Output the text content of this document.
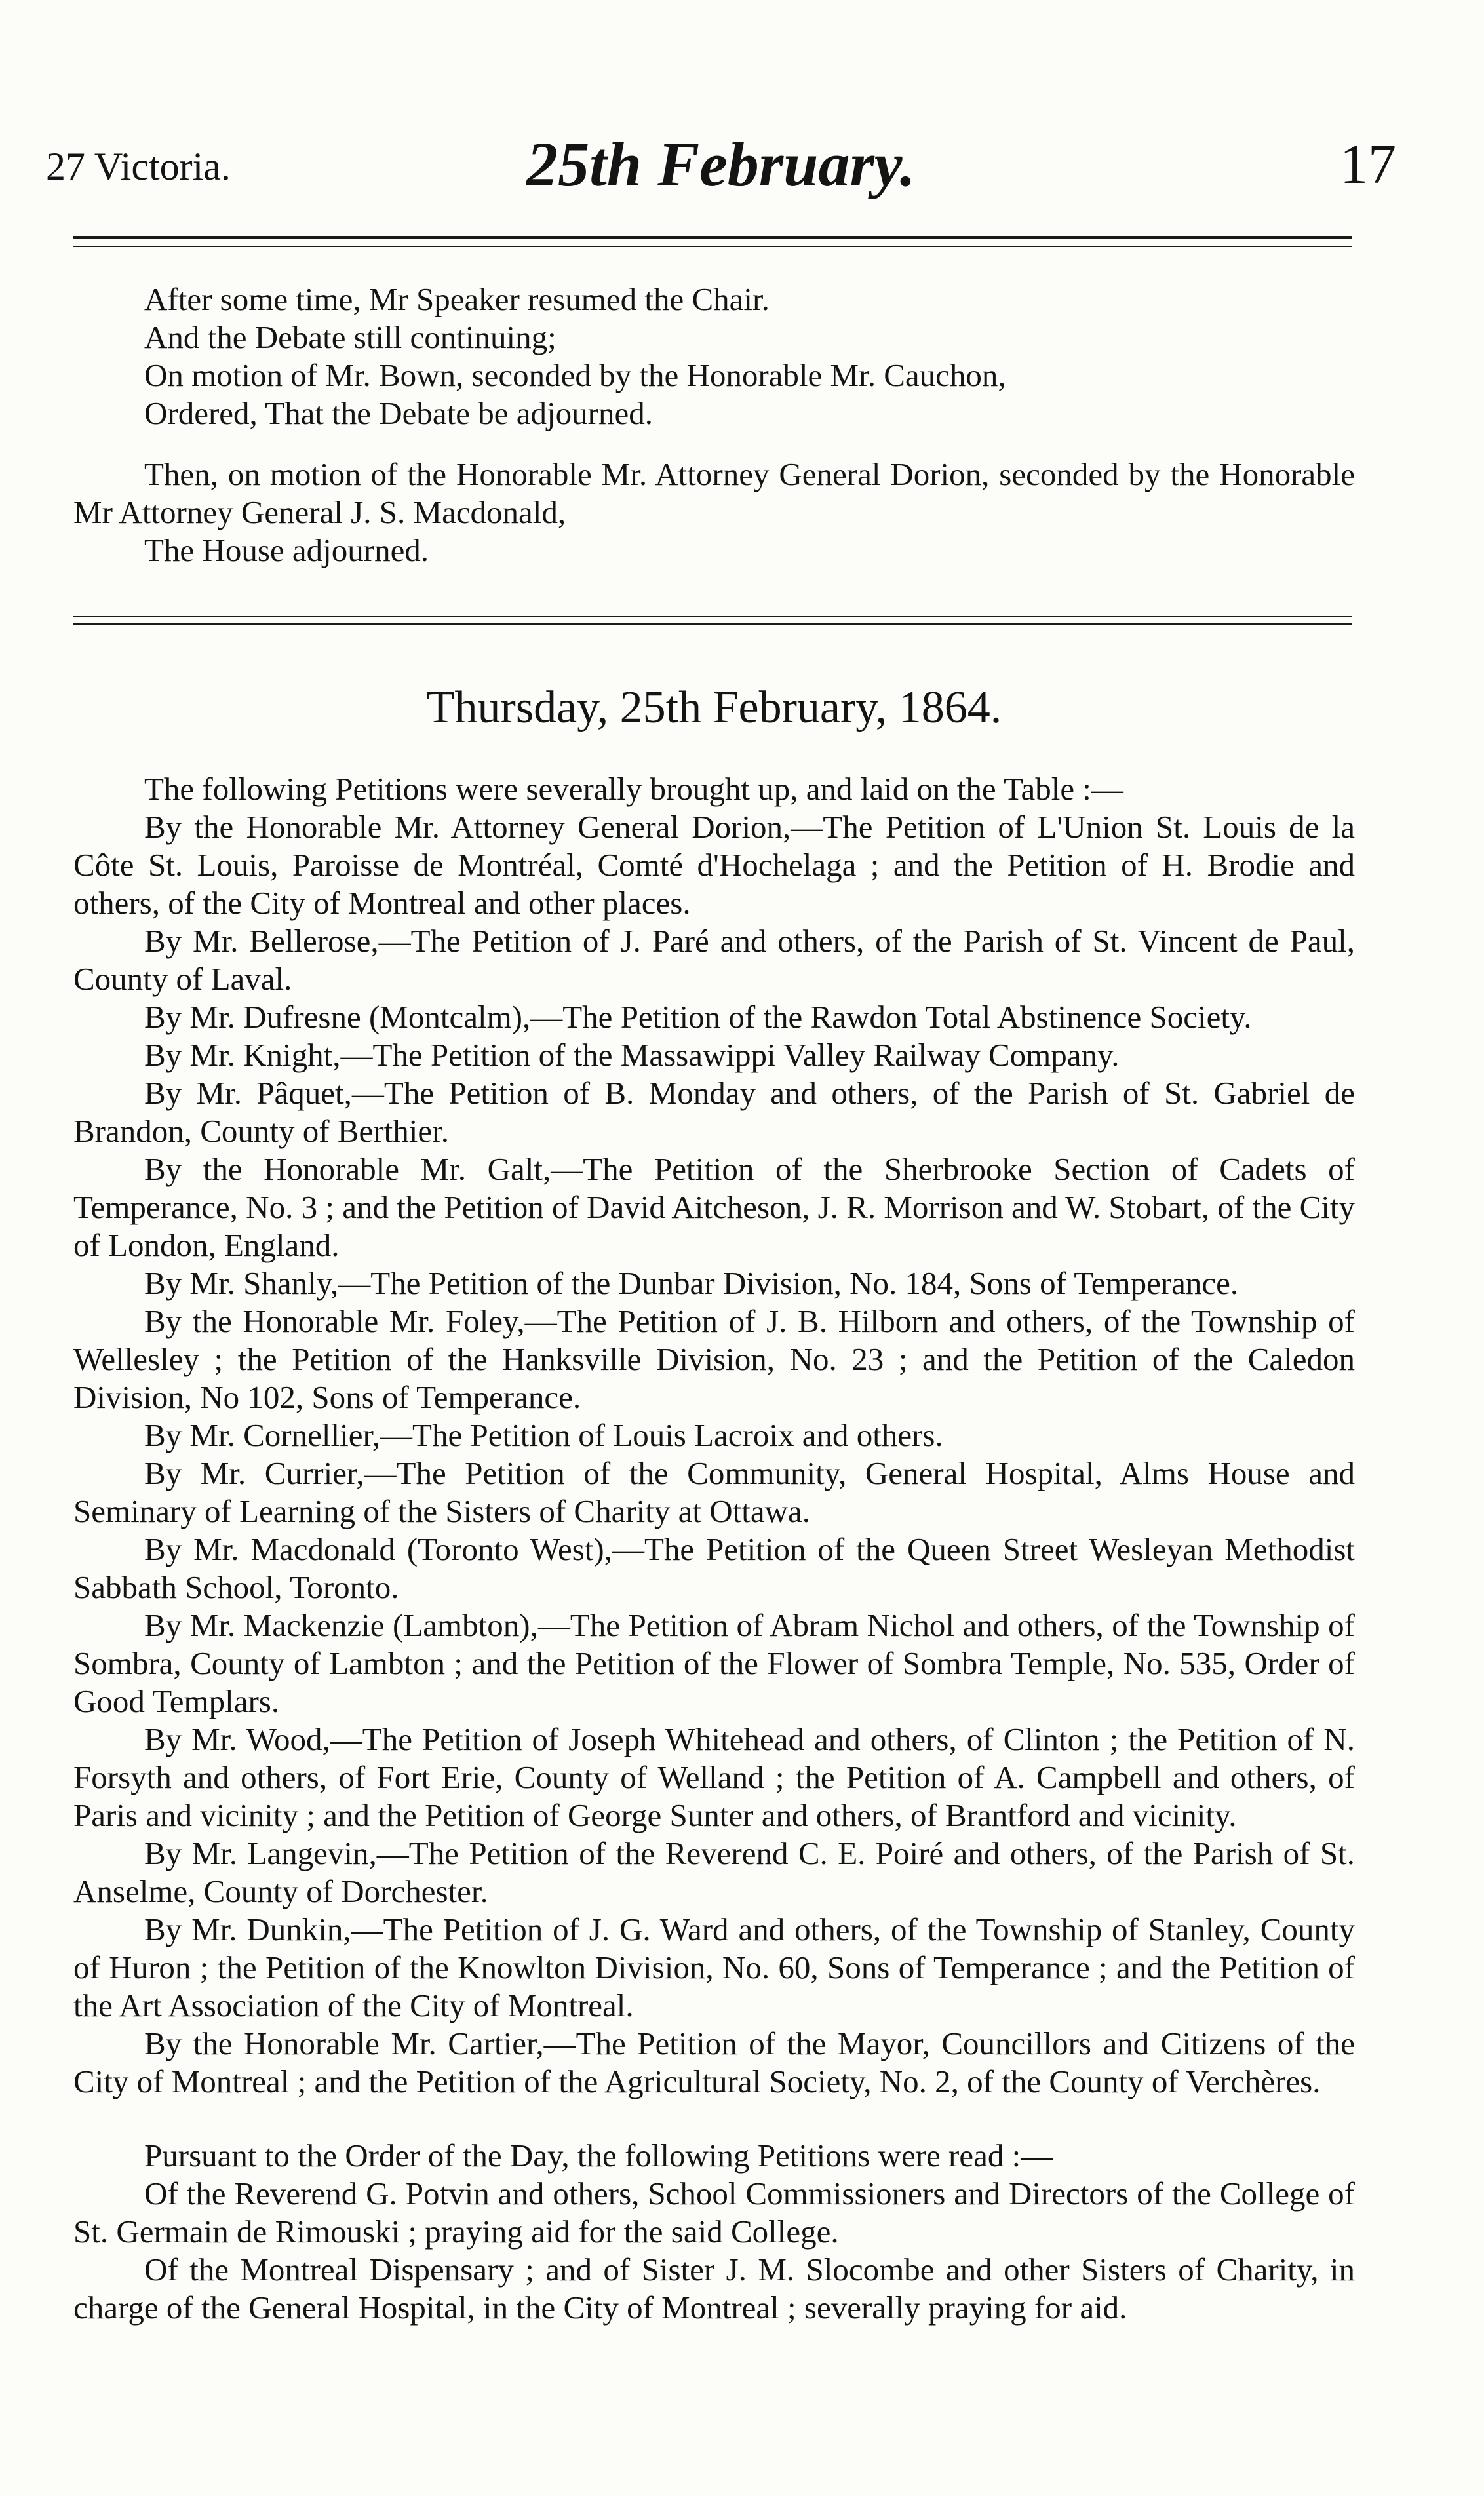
27 Victoria.	25th February.	17

After some time, Mr Speaker resumed the Chair.

And the Debate still continuing;

On motion of Mr. Bown, seconded by the Honorable Mr. Cauchon,

Ordered, That the Debate be adjourned.

Then, on motion of the Honorable Mr. Attorney General Dorion, seconded by the Honorable Mr Attorney General J. S. Macdonald,

The House adjourned.

Thursday, 25th February, 1864.

The following Petitions were severally brought up, and laid on the Table :—

By the Honorable Mr. Attorney General Dorion,—The Petition of L'Union St. Louis de la Côte St. Louis, Paroisse de Montréal, Comté d'Hochelaga ; and the Petition of H. Brodie and others, of the City of Montreal and other places.

By Mr. Bellerose,—The Petition of J. Paré and others, of the Parish of St. Vincent de Paul, County of Laval.

By Mr. Dufresne (Montcalm),—The Petition of the Rawdon Total Abstinence Society.

By Mr. Knight,—The Petition of the Massawippi Valley Railway Company.

By Mr. Pâquet,—The Petition of B. Monday and others, of the Parish of St. Gabriel de Brandon, County of Berthier.

By the Honorable Mr. Galt,—The Petition of the Sherbrooke Section of Cadets of Temperance, No. 3 ; and the Petition of David Aitcheson, J. R. Morrison and W. Stobart, of the City of London, England.

By Mr. Shanly,—The Petition of the Dunbar Division, No. 184, Sons of Temperance.

By the Honorable Mr. Foley,—The Petition of J. B. Hilborn and others, of the Township of Wellesley ; the Petition of the Hanksville Division, No. 23 ; and the Petition of the Caledon Division, No 102, Sons of Temperance.

By Mr. Cornellier,—The Petition of Louis Lacroix and others.

By Mr. Currier,—The Petition of the Community, General Hospital, Alms House and Seminary of Learning of the Sisters of Charity at Ottawa.

By Mr. Macdonald (Toronto West),—The Petition of the Queen Street Wesleyan Methodist Sabbath School, Toronto.

By Mr. Mackenzie (Lambton),—The Petition of Abram Nichol and others, of the Township of Sombra, County of Lambton ; and the Petition of the Flower of Sombra Temple, No. 535, Order of Good Templars.

By Mr. Wood,—The Petition of Joseph Whitehead and others, of Clinton ; the Petition of N. Forsyth and others, of Fort Erie, County of Welland ; the Petition of A. Campbell and others, of Paris and vicinity ; and the Petition of George Sunter and others, of Brantford and vicinity.

By Mr. Langevin,—The Petition of the Reverend C. E. Poiré and others, of the Parish of St. Anselme, County of Dorchester.

By Mr. Dunkin,—The Petition of J. G. Ward and others, of the Township of Stanley, County of Huron ; the Petition of the Knowlton Division, No. 60, Sons of Temperance ; and the Petition of the Art Association of the City of Montreal.

By the Honorable Mr. Cartier,—The Petition of the Mayor, Councillors and Citizens of the City of Montreal ; and the Petition of the Agricultural Society, No. 2, of the County of Verchères.

Pursuant to the Order of the Day, the following Petitions were read :—

Of the Reverend G. Potvin and others, School Commissioners and Directors of the College of St. Germain de Rimouski ; praying aid for the said College.

Of the Montreal Dispensary ; and of Sister J. M. Slocombe and other Sisters of Charity, in charge of the General Hospital, in the City of Montreal ; severally praying for aid.
